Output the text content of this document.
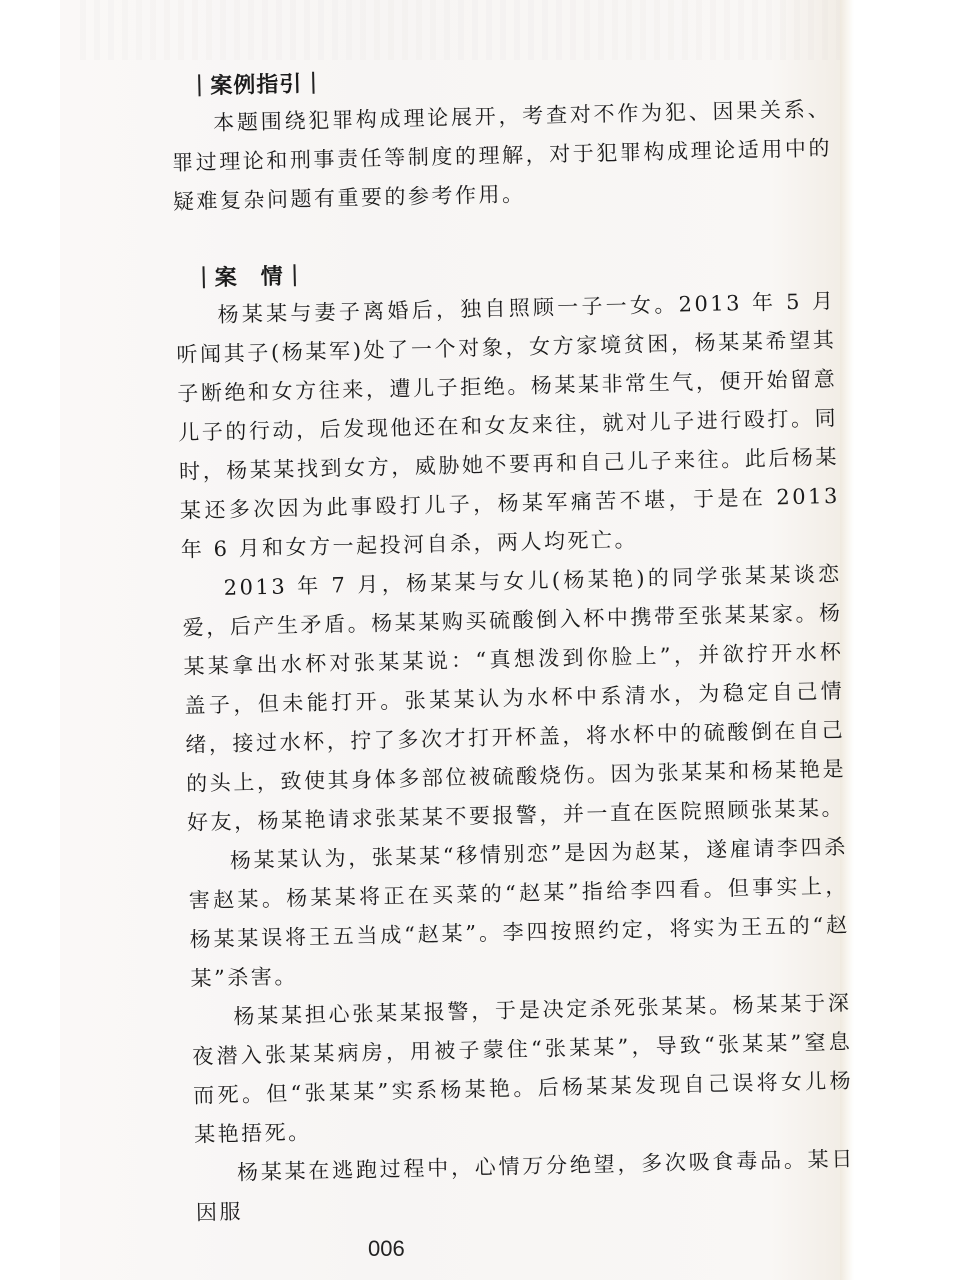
案例指引

本题围绕犯罪构成理论展开，考查对不作为犯、因果关系、罪过理论和刑事责任等制度的理解，对于犯罪构成理论适用中的疑难复杂问题有重要的参考作用。

案　情

杨某某与妻子离婚后，独自照顾一子一女。2013 年 5 月听闻其子(杨某军)处了一个对象，女方家境贫困，杨某某希望其子断绝和女方往来，遭儿子拒绝。杨某某非常生气，便开始留意儿子的行动，后发现他还在和女友来往，就对儿子进行殴打。同时，杨某某找到女方，威胁她不要再和自己儿子来往。此后杨某某还多次因为此事殴打儿子，杨某军痛苦不堪，于是在 2013 年 6 月和女方一起投河自杀，两人均死亡。

2013 年 7 月，杨某某与女儿(杨某艳)的同学张某某谈恋爱，后产生矛盾。杨某某购买硫酸倒入杯中携带至张某某家。杨某某拿出水杯对张某某说：“真想泼到你脸上”，并欲拧开水杯盖子，但未能打开。张某某认为水杯中系清水，为稳定自己情绪，接过水杯，拧了多次才打开杯盖，将水杯中的硫酸倒在自己的头上，致使其身体多部位被硫酸烧伤。因为张某某和杨某艳是好友，杨某艳请求张某某不要报警，并一直在医院照顾张某某。

杨某某认为，张某某“移情别恋”是因为赵某，遂雇请李四杀害赵某。杨某某将正在买菜的“赵某”指给李四看。但事实上，杨某某误将王五当成“赵某”。李四按照约定，将实为王五的“赵某”杀害。

杨某某担心张某某报警，于是决定杀死张某某。杨某某于深夜潜入张某某病房，用被子蒙住“张某某”，导致“张某某”窒息而死。但“张某某”实系杨某艳。后杨某某发现自己误将女儿杨某艳捂死。

杨某某在逃跑过程中，心情万分绝望，多次吸食毒品。某日因服

006
